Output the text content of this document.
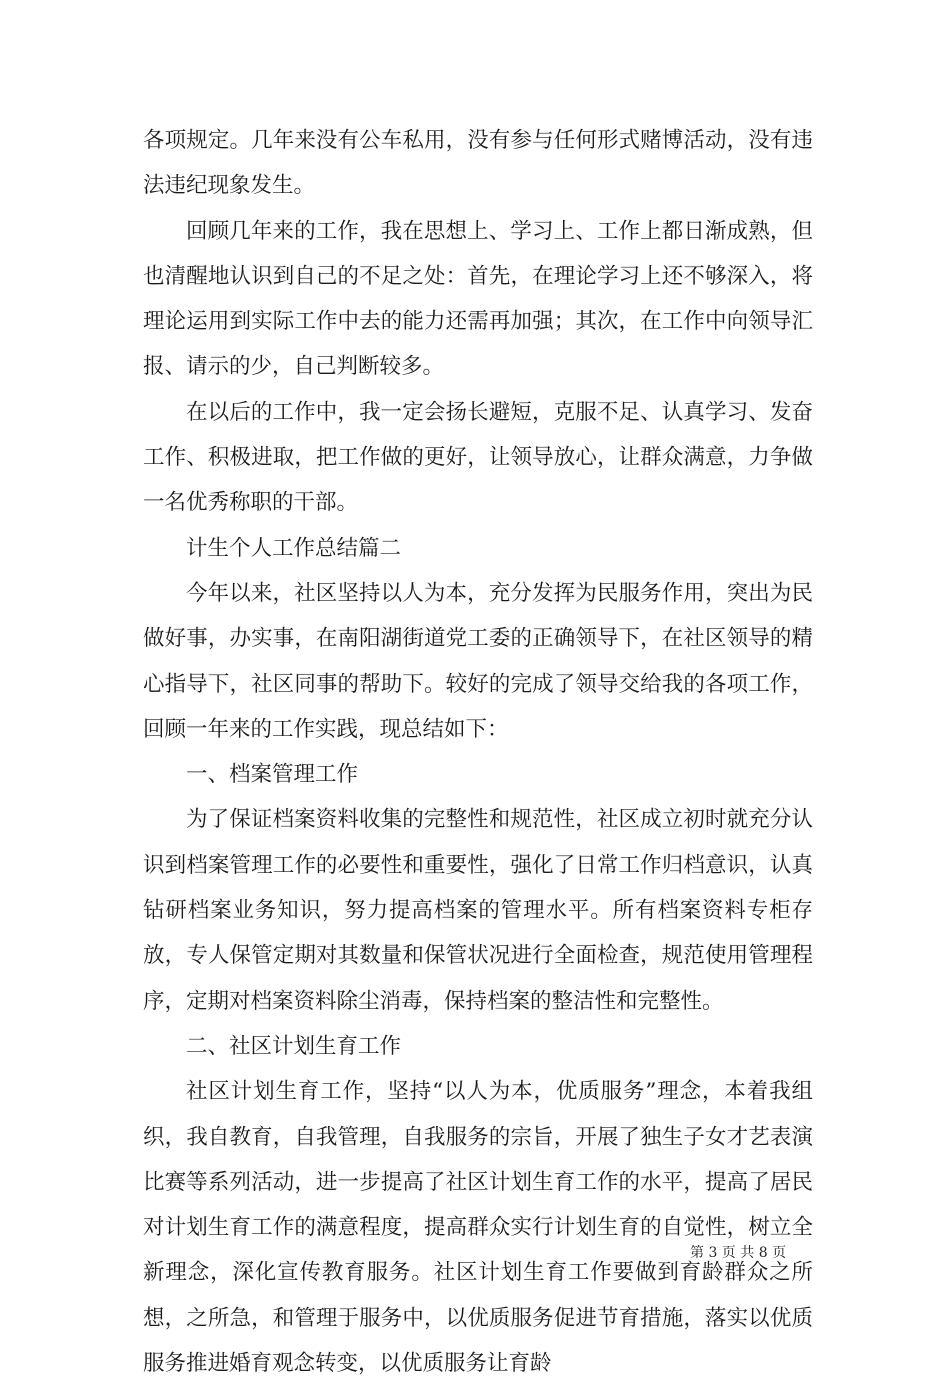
各项规定。几年来没有公车私用，没有参与任何形式赌博活动，没有违法违纪现象发生。

回顾几年来的工作，我在思想上、学习上、工作上都日渐成熟，但也清醒地认识到自己的不足之处：首先，在理论学习上还不够深入，将理论运用到实际工作中去的能力还需再加强；其次，在工作中向领导汇报、请示的少，自己判断较多。

在以后的工作中，我一定会扬长避短，克服不足、认真学习、发奋工作、积极进取，把工作做的更好，让领导放心，让群众满意，力争做一名优秀称职的干部。

计生个人工作总结篇二

今年以来，社区坚持以人为本，充分发挥为民服务作用，突出为民做好事，办实事，在南阳湖街道党工委的正确领导下，在社区领导的精心指导下，社区同事的帮助下。较好的完成了领导交给我的各项工作，回顾一年来的工作实践，现总结如下：

一、档案管理工作

为了保证档案资料收集的完整性和规范性，社区成立初时就充分认识到档案管理工作的必要性和重要性，强化了日常工作归档意识，认真钻研档案业务知识，努力提高档案的管理水平。所有档案资料专柜存放，专人保管定期对其数量和保管状况进行全面检查，规范使用管理程序，定期对档案资料除尘消毒，保持档案的整洁性和完整性。

二、社区计划生育工作

社区计划生育工作，坚持“以人为本，优质服务”理念，本着我组织，我自教育，自我管理，自我服务的宗旨，开展了独生子女才艺表演比赛等系列活动，进一步提高了社区计划生育工作的水平，提高了居民对计划生育工作的满意程度，提高群众实行计划生育的自觉性，树立全新理念，深化宣传教育服务。社区计划生育工作要做到育龄群众之所想，之所急，和管理于服务中，以优质服务促进节育措施，落实以优质服务推进婚育观念转变，以优质服务让育龄

第 3 页 共 8 页
